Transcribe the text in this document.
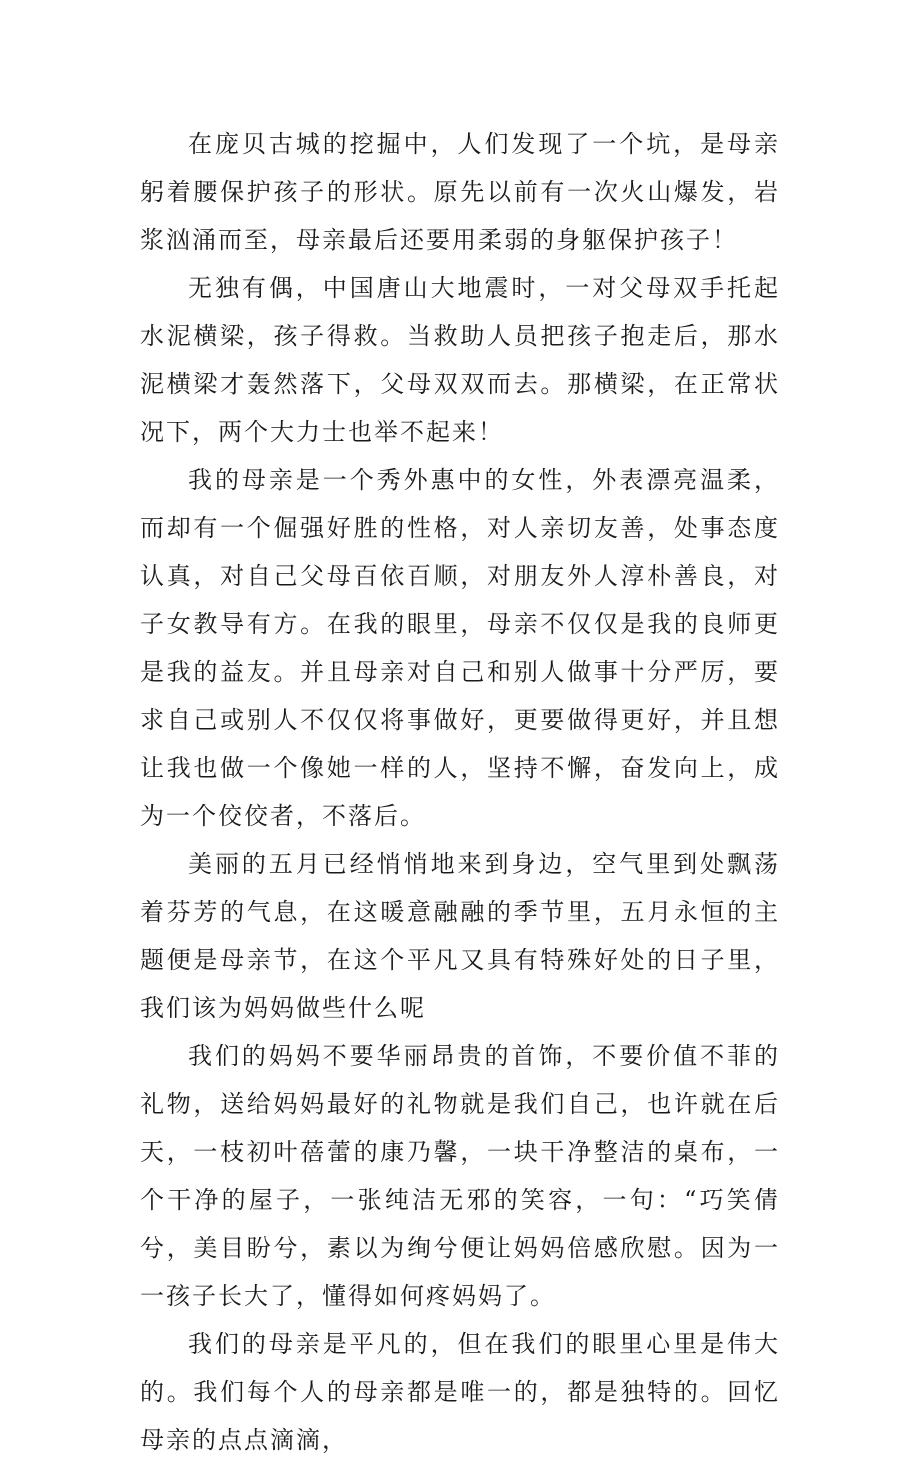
在庞贝古城的挖掘中，人们发现了一个坑，是母亲躬着腰保护孩子的形状。原先以前有一次火山爆发，岩浆汹涌而至，母亲最后还要用柔弱的身躯保护孩子！

无独有偶，中国唐山大地震时，一对父母双手托起水泥横梁，孩子得救。当救助人员把孩子抱走后，那水泥横梁才轰然落下，父母双双而去。那横梁，在正常状况下，两个大力士也举不起来！

我的母亲是一个秀外惠中的女性，外表漂亮温柔，而却有一个倔强好胜的性格，对人亲切友善，处事态度认真，对自己父母百依百顺，对朋友外人淳朴善良，对子女教导有方。在我的眼里，母亲不仅仅是我的良师更是我的益友。并且母亲对自己和别人做事十分严厉，要求自己或别人不仅仅将事做好，更要做得更好，并且想让我也做一个像她一样的人，坚持不懈，奋发向上，成为一个佼佼者，不落后。

美丽的五月已经悄悄地来到身边，空气里到处飘荡着芬芳的气息，在这暖意融融的季节里，五月永恒的主题便是母亲节，在这个平凡又具有特殊好处的日子里，我们该为妈妈做些什么呢

我们的妈妈不要华丽昂贵的首饰，不要价值不菲的礼物，送给妈妈最好的礼物就是我们自己，也许就在后天，一枝初叶蓓蕾的康乃馨，一块干净整洁的桌布，一个干净的屋子，一张纯洁无邪的笑容，一句：“巧笑倩兮，美目盼兮，素以为绚兮便让妈妈倍感欣慰。因为一一孩子长大了，懂得如何疼妈妈了。

我们的母亲是平凡的，但在我们的眼里心里是伟大的。我们每个人的母亲都是唯一的，都是独特的。回忆母亲的点点滴滴，
